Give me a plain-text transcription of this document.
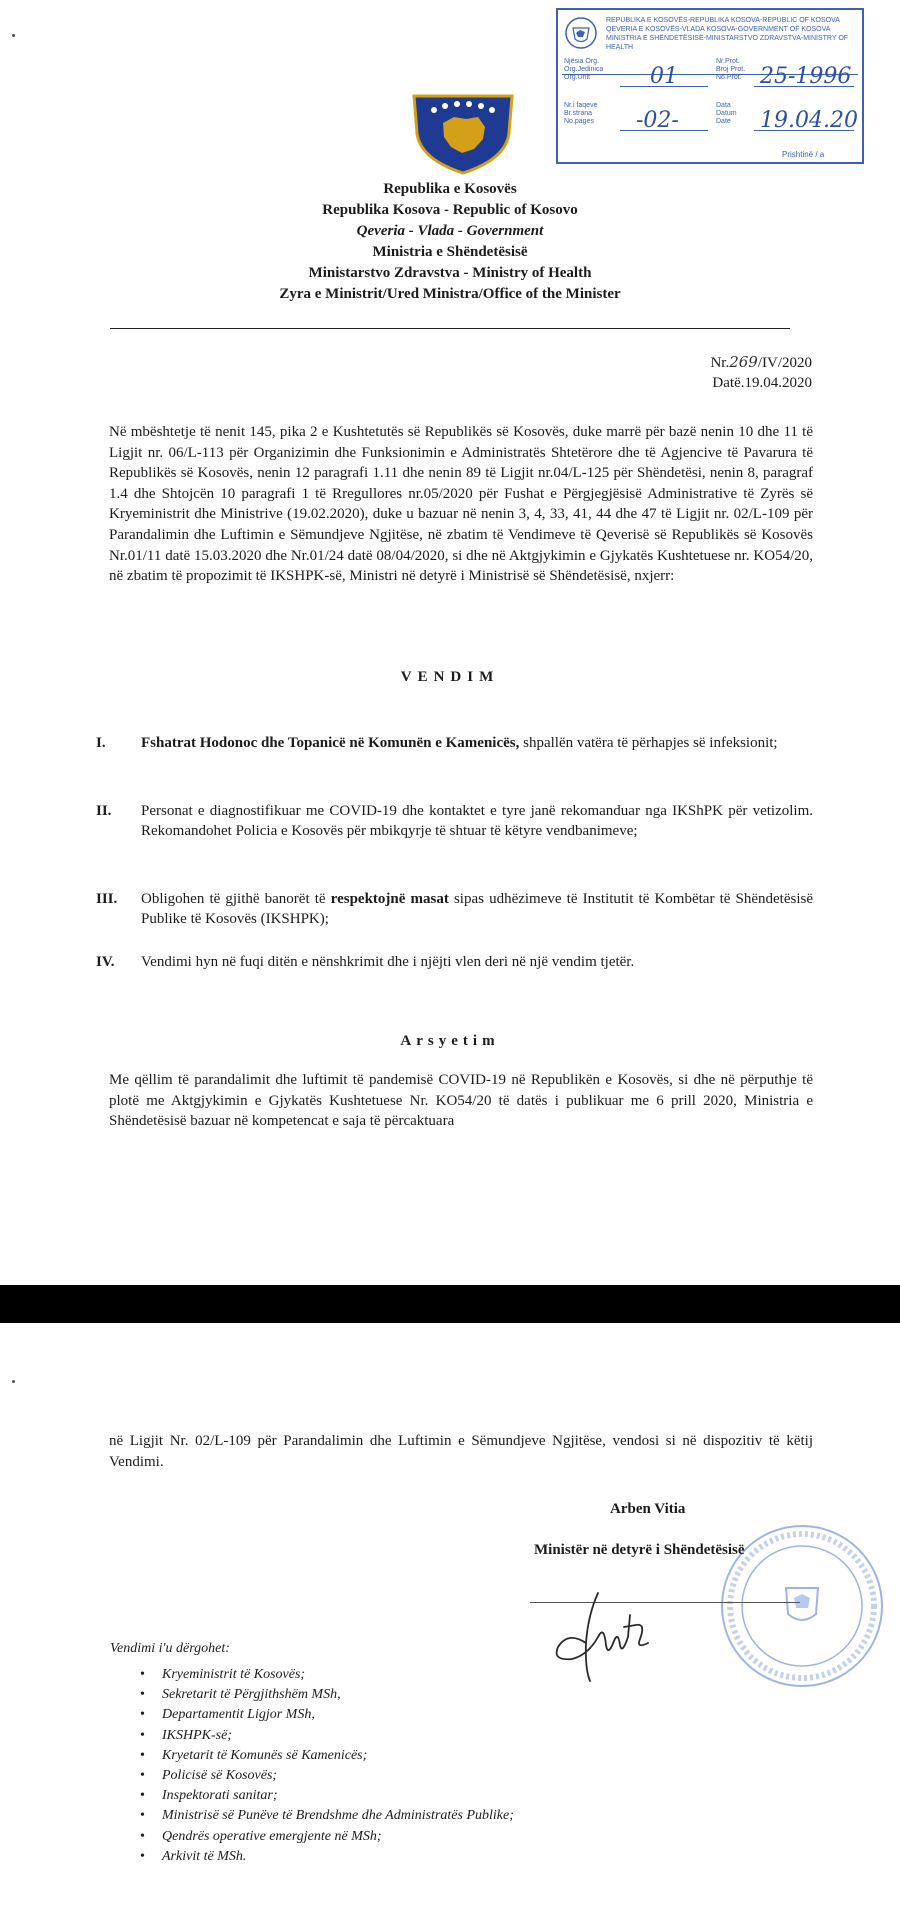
REPUBLIKA E KOSOVËS-REPUBLIKA KOSOVA-REPUBLIC OF KOSOVA
QEVERIA E KOSOVËS-VLADA KOSOVA-GOVERNMENT OF KOSOVA
MINISTRIA E SHËNDETËSISË-MINISTARSTVO ZDRAVSTVA-MINISTRY OF HEALTH
Njësia Org.
Org.Jedinica
Org.Unit	01
Nr.Prot.
Broj Prot.
No.Prot. 25-1996
Nr.i faqeve
Br.strana
No.pages -02-
Data
Datum
Date 19.04.20
Prishtinë / a
Republika e Kosovës
Republika Kosova - Republic of Kosovo
Qeveria - Vlada - Government
Ministria e Shëndetësisë
Ministarstvo Zdravstva - Ministry of Health
Zyra e Ministrit/Ured Ministra/Office of the Minister
Nr.269/IV/2020
Datë.19.04.2020
Në mbështetje të nenit 145, pika 2 e Kushtetutës së Republikës së Kosovës, duke marrë për bazë nenin 10 dhe 11 të Ligjit nr. 06/L-113 për Organizimin dhe Funksionimin e Administratës Shtetërore dhe të Agjencive të Pavarura të Republikës së Kosovës, nenin 12 paragrafi 1.11 dhe nenin 89 të Ligjit nr.04/L-125 për Shëndetësi, nenin 8, paragraf 1.4 dhe Shtojcën 10 paragrafi 1 të Rregullores nr.05/2020 për Fushat e Përgjegjësisë Administrative të Zyrës së Kryeministrit dhe Ministrive (19.02.2020), duke u bazuar në nenin 3, 4, 33, 41, 44 dhe 47 të Ligjit nr. 02/L-109 për Parandalimin dhe Luftimin e Sëmundjeve Ngjitëse, në zbatim të Vendimeve të Qeverisë së Republikës së Kosovës Nr.01/11 datë 15.03.2020 dhe Nr.01/24 datë 08/04/2020, si dhe në Aktgjykimin e Gjykatës Kushtetuese nr. KO54/20, në zbatim të propozimit të IKSHPK-së, Ministri në detyrë i Ministrisë së Shëndetësisë, nxjerr:
VENDIM
I. Fshatrat Hodonoc dhe Topanicë në Komunën e Kamenicës, shpallën vatëra të përhapjes së infeksionit;
II. Personat e diagnostifikuar me COVID-19 dhe kontaktet e tyre janë rekomanduar nga IKShPK për vetizolim. Rekomandohet Policia e Kosovës për mbikqyrje të shtuar të këtyre vendbanimeve;
III. Obligohen të gjithë banorët të respektojnë masat sipas udhëzimeve të Institutit të Kombëtar të Shëndetësisë Publike të Kosovës (IKSHPK);
IV. Vendimi hyn në fuqi ditën e nënshkrimit dhe i njëjti vlen deri në një vendim tjetër.
Arsyetim
Me qëllim të parandalimit dhe luftimit të pandemisë COVID-19 në Republikën e Kosovës, si dhe në përputhje të plotë me Aktgjykimin e Gjykatës Kushtetuese Nr. KO54/20 të datës i publikuar me 6 prill 2020, Ministria e Shëndetësisë bazuar në kompetencat e saja të përcaktuara
në Ligjit Nr. 02/L-109 për Parandalimin dhe Luftimin e Sëmundjeve Ngjitëse, vendosi si në dispozitiv të këtij Vendimi.
Arben Vitia
Ministër në detyrë i Shëndetësisë
Vendimi i'u dërgohet:
• Kryeministrit të Kosovës;
• Sekretarit të Përgjithshëm MSh,
• Departamentit Ligjor MSh,
• IKSHPK-së;
• Kryetarit të Komunës së Kamenicës;
• Policisë së Kosovës;
• Inspektorati sanitar;
• Ministrisë së Punëve të Brendshme dhe Administratës Publike;
• Qendrës operative emergjente në MSh;
• Arkivit të MSh.
